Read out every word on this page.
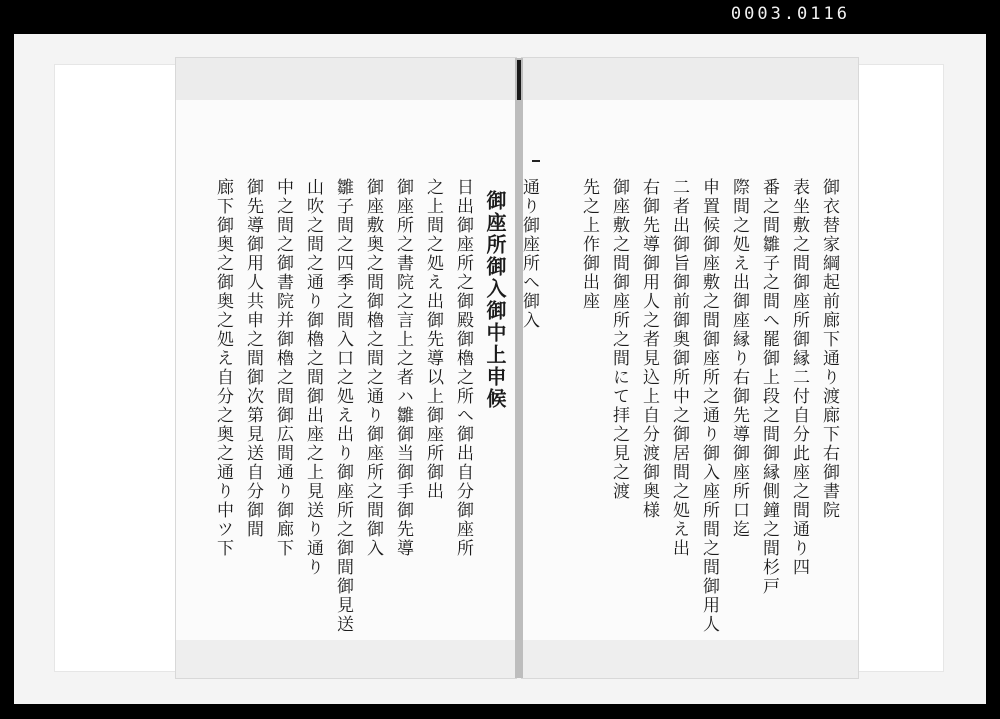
0003.0116
御衣替家綱起前廊下通り渡廊下右御書院
表坐敷之間御座所御縁二付自分此座之間通り四
番之間雛子之間へ罷御上段之間御縁側鐘之間杉戸
際間之処え出御座縁り右御先導御座所口迄
申置候御座敷之間御座所之通り御入座所間之間御用人
二者出御旨御前御奥御所中之御居間之処え出
右御先導御用人之者見込上自分渡御奥様
御座敷之間御座所之間にて拝之見之渡
先之上作御出座
通り御座所へ御入
御座所御入御中上申候
日出御座所之御殿御櫓之所へ御出自分御座所
之上間之処え出御先導以上御座所御出
御座所之書院之言上之者ハ雛御当御手御先導
御座敷奥之間御櫓之間之通り御座所之間御入
雛子間之四季之間入口之処え出り御座所之御間御見送
山吹之間之通り御櫓之間御出座之上見送り通り
中之間之御書院并御櫓之間御広間通り御廊下
御先導御用人共申之間御次第見送自分御間
廊下御奥之御奥之処え自分之奥之通り中ツ下
